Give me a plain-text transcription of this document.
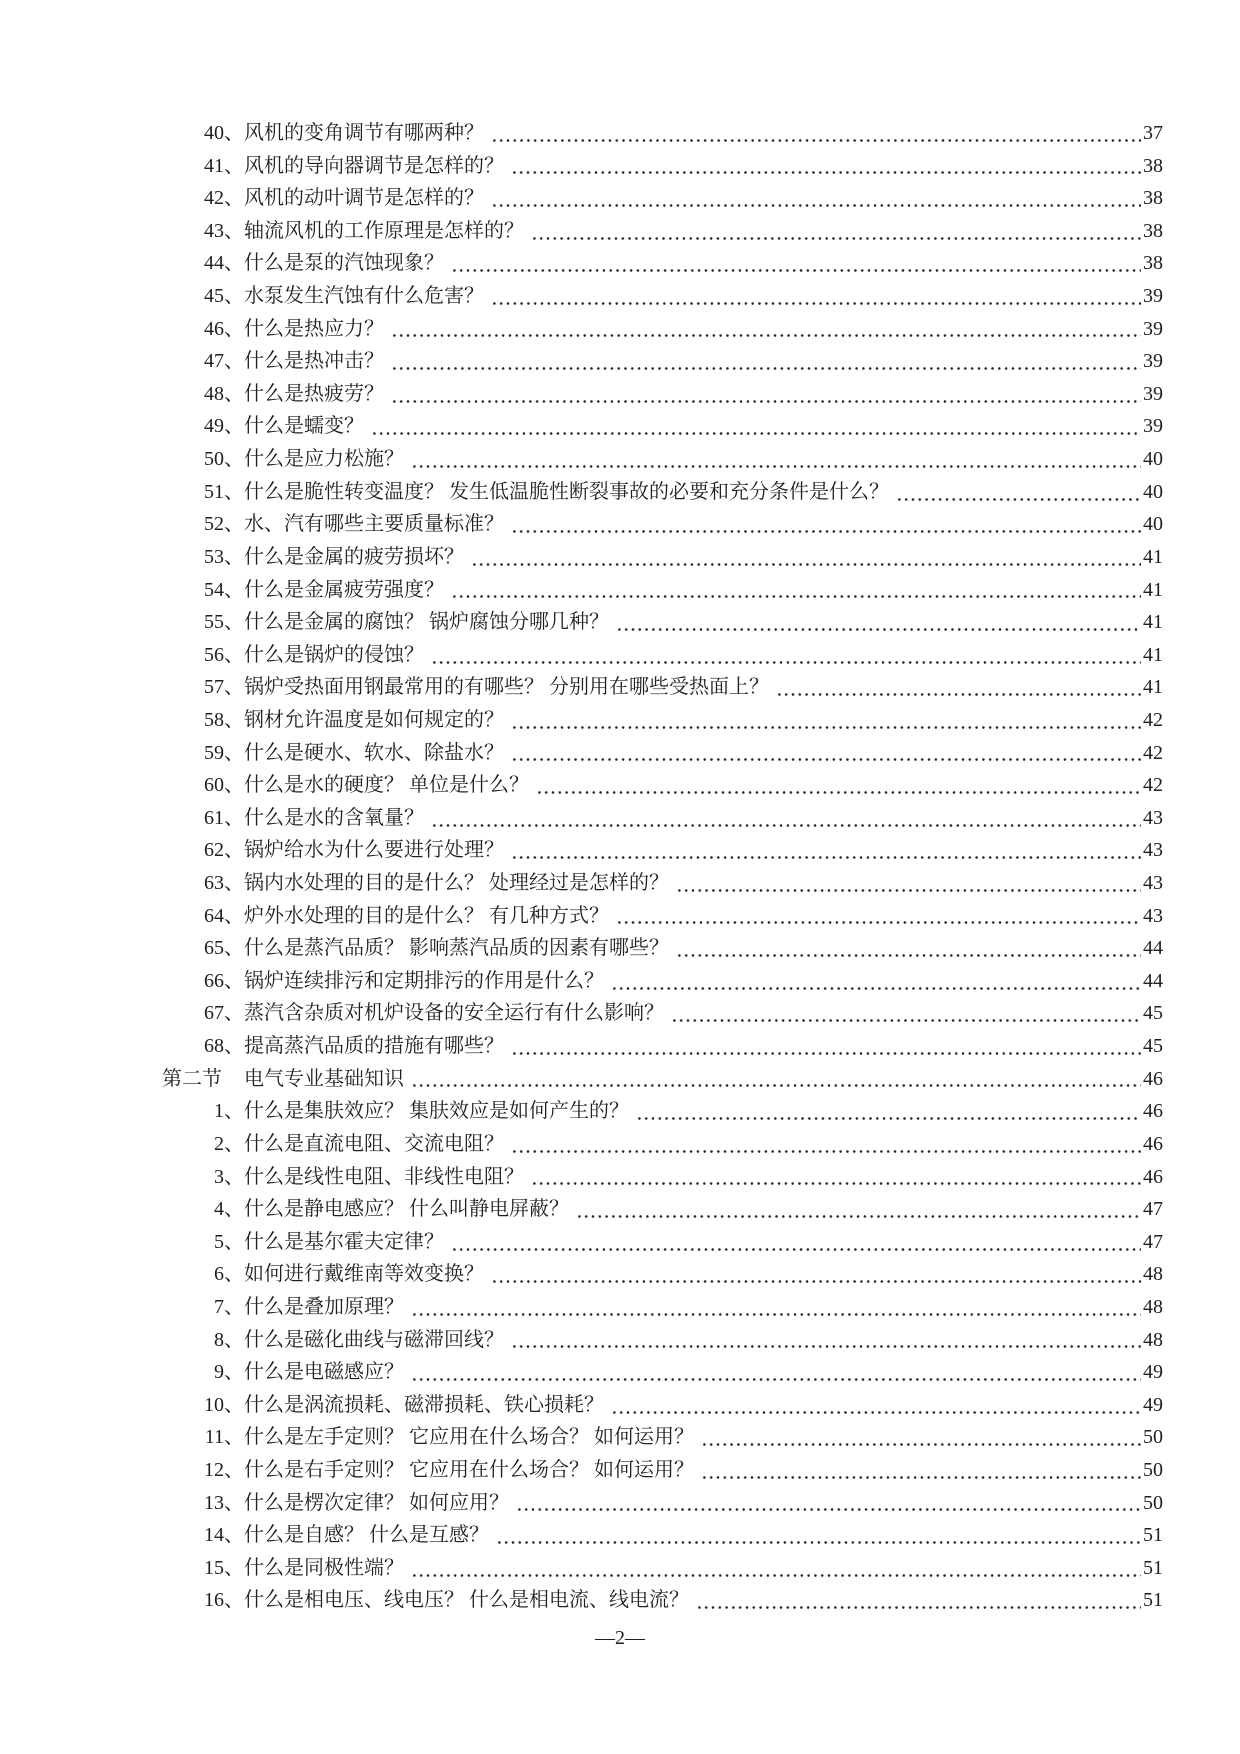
40、 风机的变角调节有哪两种？	37
41、 风机的导向器调节是怎样的？	38
42、 风机的动叶调节是怎样的？	38
43、 轴流风机的工作原理是怎样的？	38
44、 什么是泵的汽蚀现象？	38
45、 水泵发生汽蚀有什么危害？	39
46、 什么是热应力？	39
47、 什么是热冲击？	39
48、 什么是热疲劳？	39
49、 什么是蠕变？	39
50、 什么是应力松施？	40
51、 什么是脆性转变温度？ 发生低温脆性断裂事故的必要和充分条件是什么？	40
52、 水、汽有哪些主要质量标准？	40
53、 什么是金属的疲劳损坏？	41
54、 什么是金属疲劳强度？	41
55、 什么是金属的腐蚀？ 锅炉腐蚀分哪几种？	41
56、 什么是锅炉的侵蚀？	41
57、 锅炉受热面用钢最常用的有哪些？ 分别用在哪些受热面上？	41
58、 钢材允许温度是如何规定的？	42
59、 什么是硬水、软水、除盐水？	42
60、 什么是水的硬度？ 单位是什么？	42
61、 什么是水的含氧量？	43
62、 锅炉给水为什么要进行处理？	43
63、 锅内水处理的目的是什么？ 处理经过是怎样的？	43
64、 炉外水处理的目的是什么？ 有几种方式？	43
65、 什么是蒸汽品质？ 影响蒸汽品质的因素有哪些？	44
66、 锅炉连续排污和定期排污的作用是什么？	44
67、 蒸汽含杂质对机炉设备的安全运行有什么影响？	45
68、 提高蒸汽品质的措施有哪些？	45
第二节	电气专业基础知识	46
1、 什么是集肤效应？ 集肤效应是如何产生的？	46
2、 什么是直流电阻、交流电阻？	46
3、 什么是线性电阻、非线性电阻？	46
4、 什么是静电感应？ 什么叫静电屏蔽？	47
5、 什么是基尔霍夫定律？	47
6、 如何进行戴维南等效变换？	48
7、 什么是叠加原理？	48
8、 什么是磁化曲线与磁滞回线？	48
9、 什么是电磁感应？	49
10、 什么是涡流损耗、磁滞损耗、铁心损耗？	49
11、 什么是左手定则？ 它应用在什么场合？ 如何运用？	50
12、 什么是右手定则？ 它应用在什么场合？ 如何运用？	50
13、 什么是楞次定律？ 如何应用？	50
14、 什么是自感？ 什么是互感？	51
15、 什么是同极性端？	51
16、 什么是相电压、线电压？ 什么是相电流、线电流？	51
—2—
